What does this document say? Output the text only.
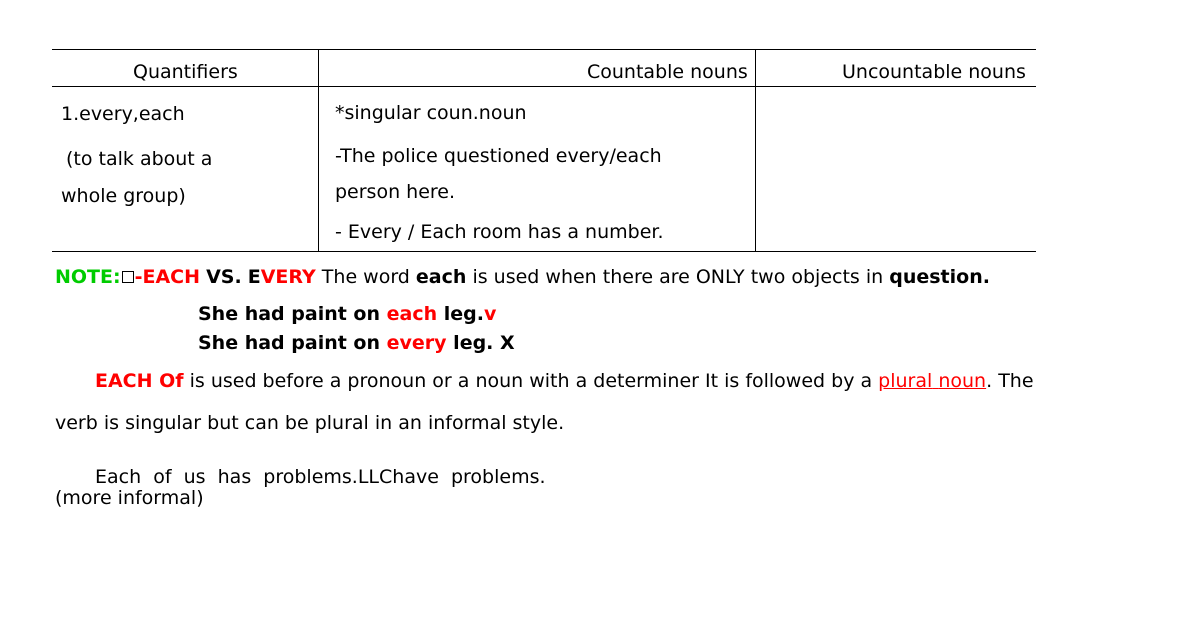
Quantifiers	Countable nouns	Uncountable nouns
1.every,each
(to talk about a
whole group)
*singular coun.noun
-The police questioned every/each
person here.
- Every / Each room has a number.
NOTE: -EACH VS. EVERY The word each is used when there are ONLY two objects in question.
She had paint on each leg.v
She had paint on every leg. X
EACH Of is used before a pronoun or a noun with a determiner It is followed by a plural noun. The
verb is singular but can be plural in an informal style.
Each  of  us  has  problems.LLChave  problems.
(more informal)
